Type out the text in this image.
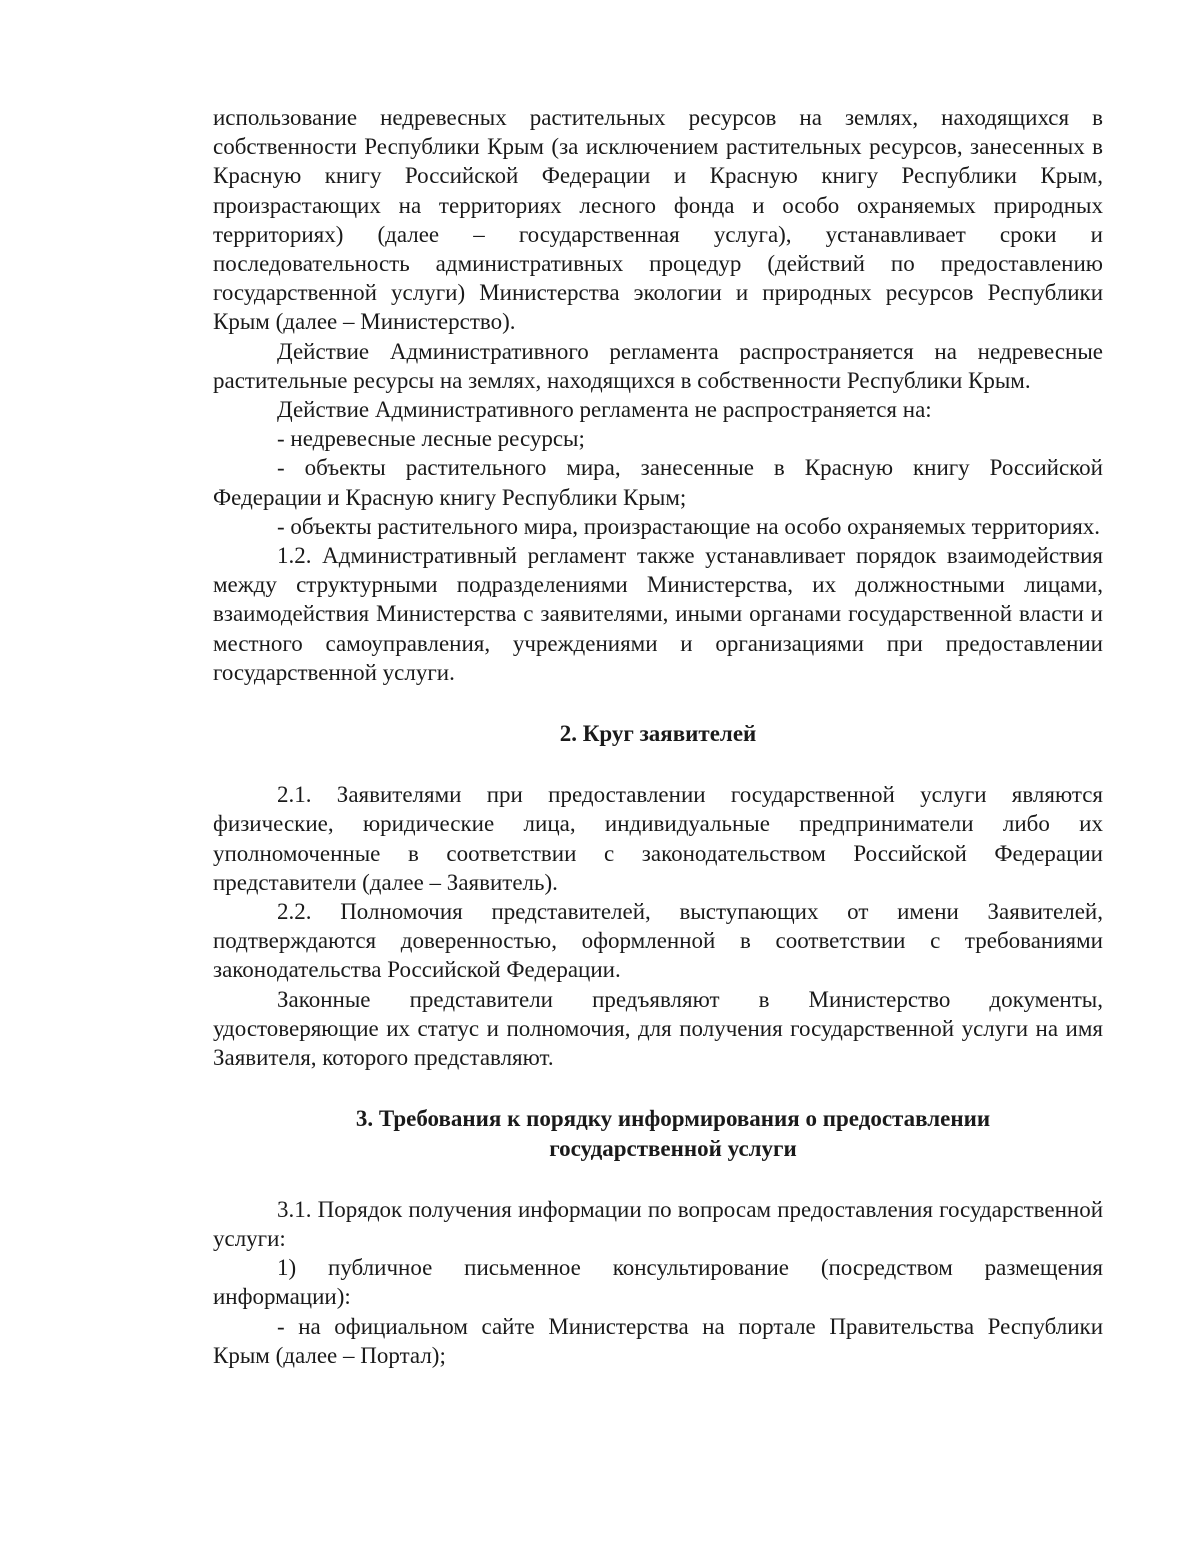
использование недревесных растительных ресурсов на землях, находящихся в собственности Республики Крым (за исключением растительных ресурсов, занесенных в Красную книгу Российской Федерации и Красную книгу Республики Крым, произрастающих на территориях лесного фонда и особо охраняемых природных территориях) (далее – государственная услуга), устанавливает сроки и последовательность административных процедур (действий по предоставлению государственной услуги) Министерства экологии и природных ресурсов Республики Крым (далее – Министерство).

Действие Административного регламента распространяется на недревесные растительные ресурсы на землях, находящихся в собственности Республики Крым.

Действие Административного регламента не распространяется на:

- недревесные лесные ресурсы;

- объекты растительного мира, занесенные в Красную книгу Российской Федерации и Красную книгу Республики Крым;

- объекты растительного мира, произрастающие на особо охраняемых территориях.

1.2. Административный регламент также устанавливает порядок взаимодействия между структурными подразделениями Министерства, их должностными лицами, взаимодействия Министерства с заявителями, иными органами государственной власти и местного самоуправления, учреждениями и организациями при предоставлении государственной услуги.

2. Круг заявителей

2.1. Заявителями при предоставлении государственной услуги являются физические, юридические лица, индивидуальные предприниматели либо их уполномоченные в соответствии с законодательством Российской Федерации представители (далее – Заявитель).

2.2. Полномочия представителей, выступающих от имени Заявителей, подтверждаются доверенностью, оформленной в соответствии с требованиями законодательства Российской Федерации.

Законные представители предъявляют в Министерство документы, удостоверяющие их статус и полномочия, для получения государственной услуги на имя Заявителя, которого представляют.

3. Требования к порядку информирования о предоставлении
государственной услуги

3.1. Порядок получения информации по вопросам предоставления государственной услуги:

1) публичное письменное консультирование (посредством размещения информации):

- на официальном сайте Министерства на портале Правительства Республики Крым (далее – Портал);
